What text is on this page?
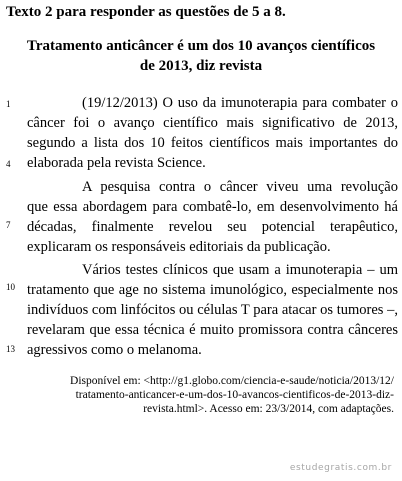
Texto 2 para responder as questões de 5 a 8.
Tratamento anticâncer é um dos 10 avanços científicos
de 2013, diz revista
(19/12/2013) O uso da imunoterapia para combater o
câncer foi o avanço científico mais significativo de 2013,
segundo a lista dos 10 feitos científicos mais importantes do
elaborada pela revista Science.
A pesquisa contra o câncer viveu uma revolução
que essa abordagem para combatê-lo, em desenvolvimento há
décadas, finalmente revelou seu potencial terapêutico,
explicaram os responsáveis editoriais da publicação.
Vários testes clínicos que usam a imunoterapia – um
tratamento que age no sistema imunológico, especialmente nos
indivíduos com linfócitos ou células T para atacar os tumores –,
revelaram que essa técnica é muito promissora contra cânceres
agressivos como o melanoma.
1
4
7
10
13
Disponível em: <http://g1.globo.com/ciencia-e-saude/noticia/2013/12/
tratamento-anticancer-e-um-dos-10-avancos-cientificos-de-2013-diz-
revista.html>. Acesso em: 23/3/2014, com adaptações.
estudegratis.com.br
